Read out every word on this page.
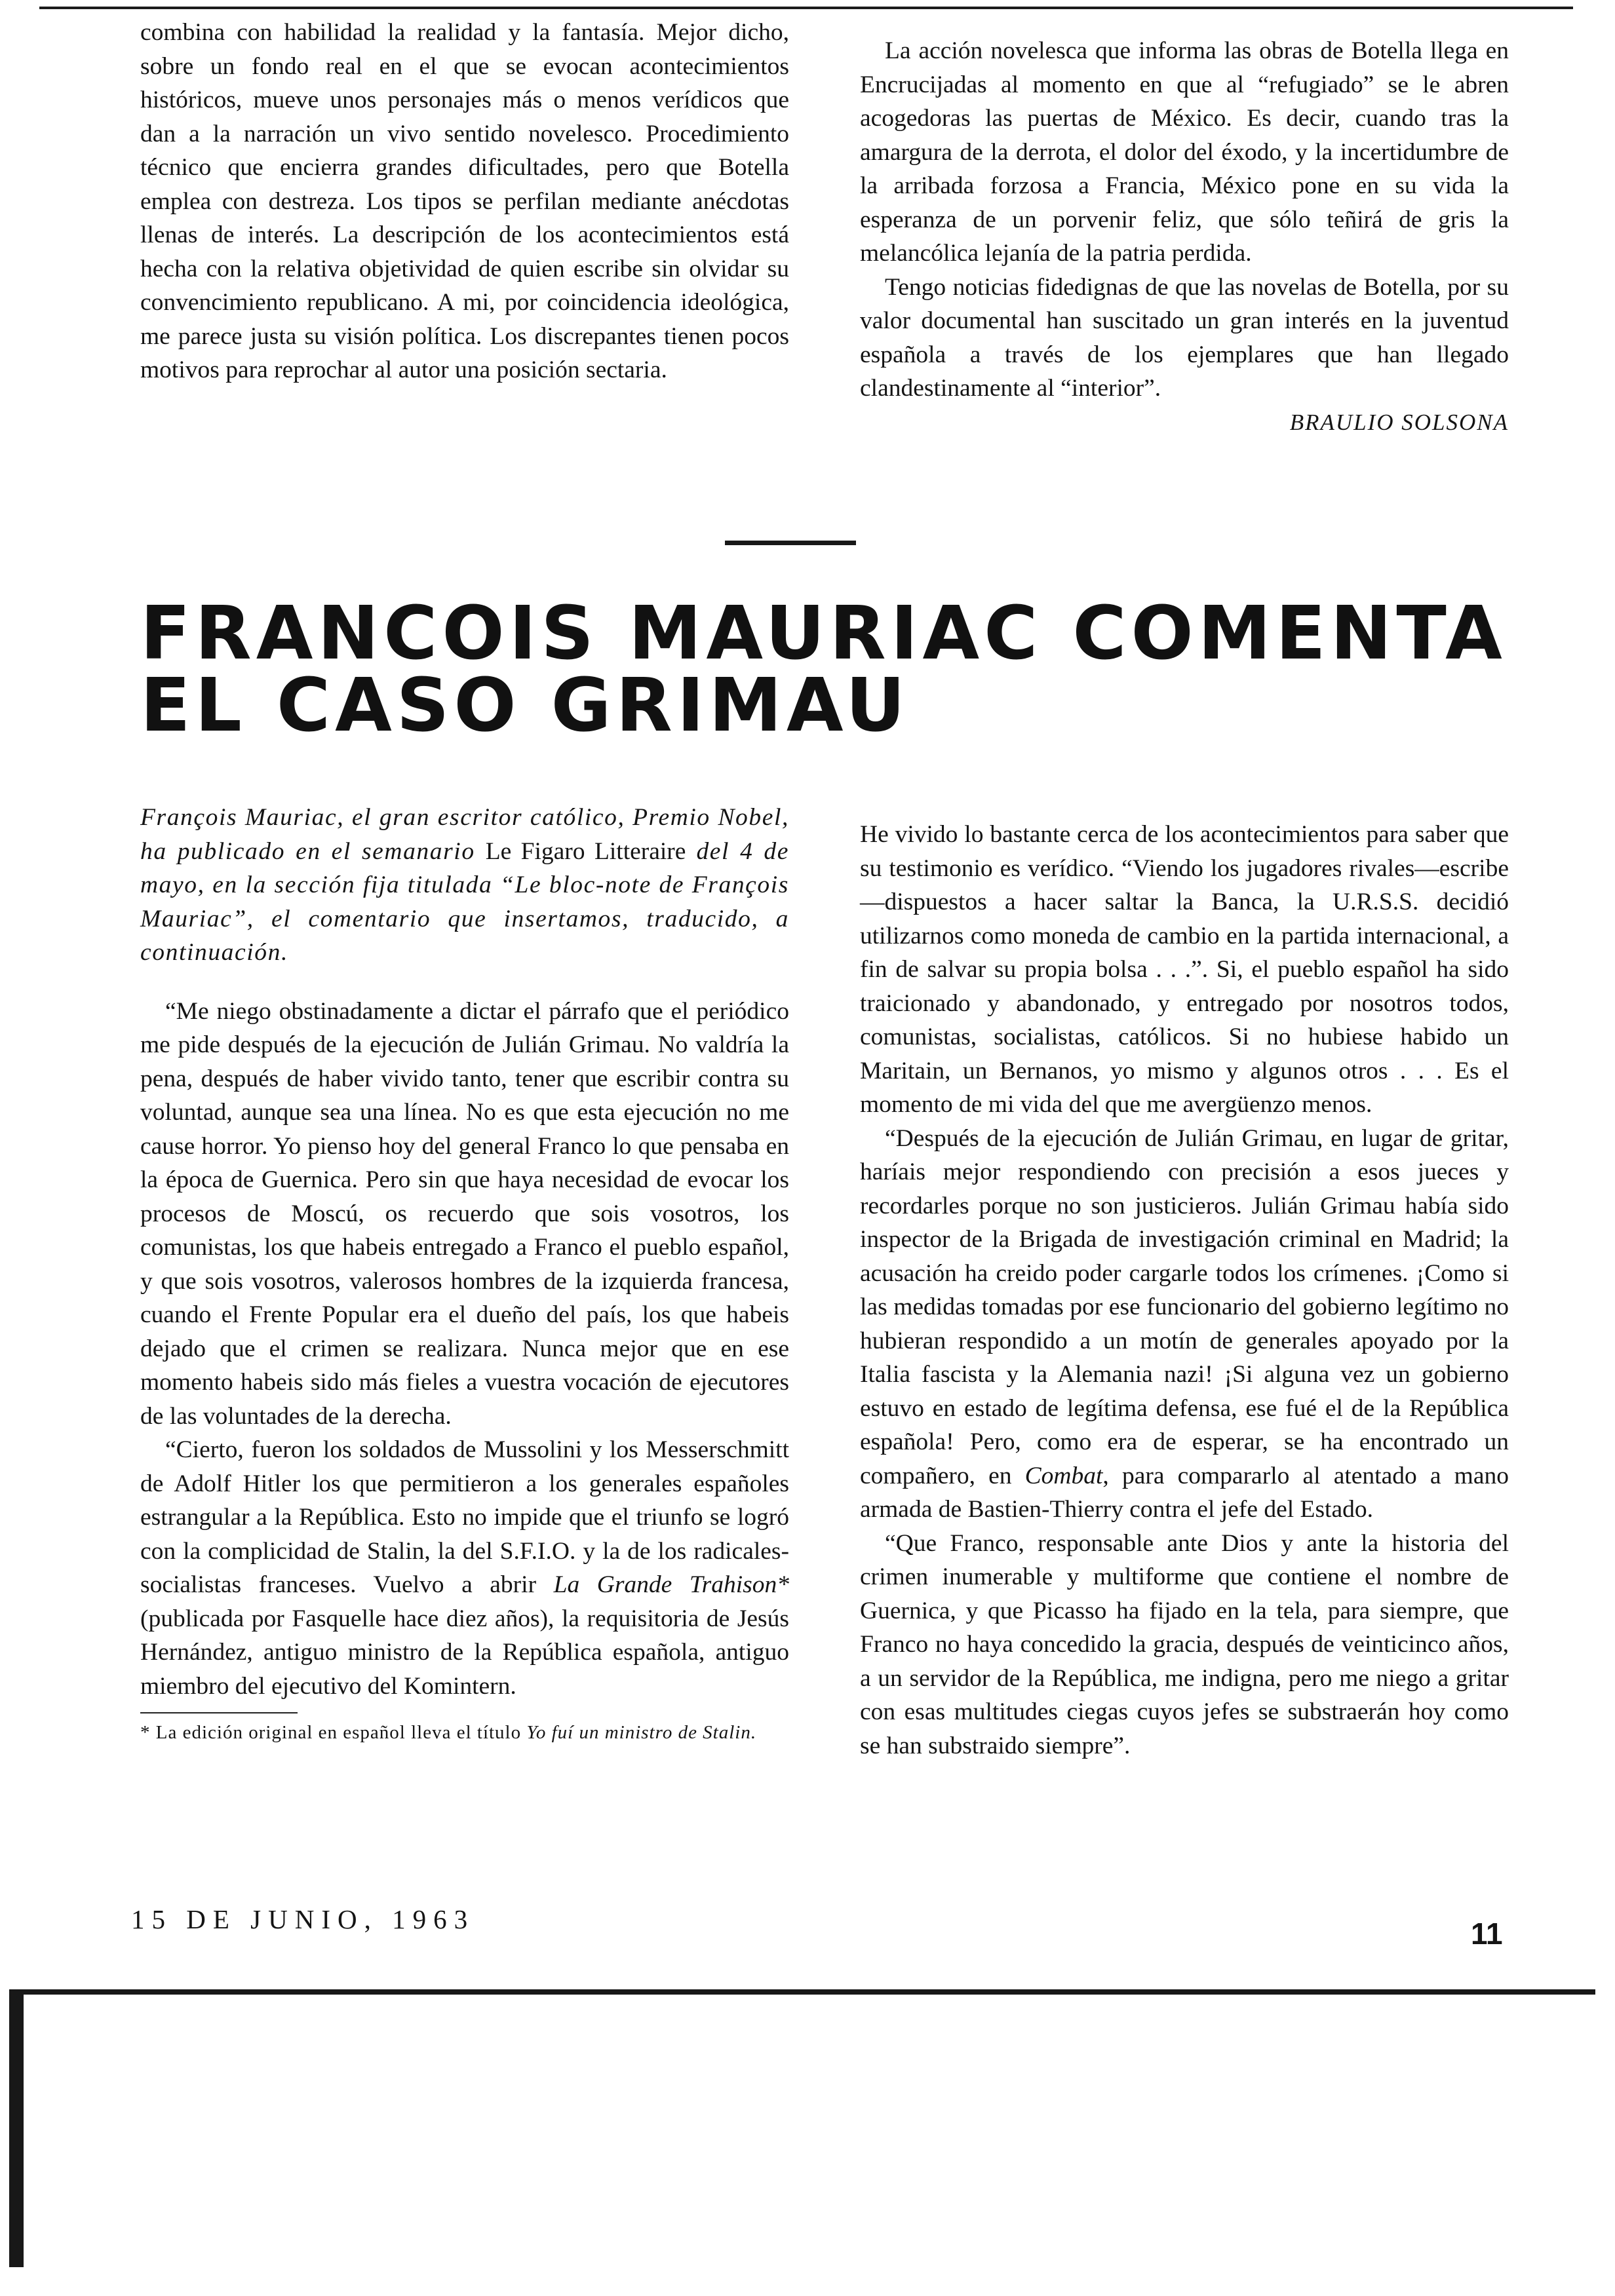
combina con habilidad la realidad y la fantasía. Mejor dicho, sobre un fondo real en el que se evocan acontecimientos históricos, mueve unos personajes más o menos verídicos que dan a la narración un vivo sentido novelesco. Procedimiento técnico que encierra grandes dificultades, pero que Botella emplea con destreza. Los tipos se perfilan mediante anécdotas llenas de interés. La descripción de los acontecimientos está hecha con la relativa objetividad de quien escribe sin olvidar su convencimiento republicano. A mi, por coincidencia ideológica, me parece justa su visión política. Los discrepantes tienen pocos motivos para reprochar al autor una posición sectaria.

La acción novelesca que informa las obras de Botella llega en Encrucijadas al momento en que al “refugiado” se le abren acogedoras las puertas de México. Es decir, cuando tras la amargura de la derrota, el dolor del éxodo, y la incertidumbre de la arribada forzosa a Francia, México pone en su vida la esperanza de un porvenir feliz, que sólo teñirá de gris la melancólica lejanía de la patria perdida.

Tengo noticias fidedignas de que las novelas de Botella, por su valor documental han suscitado un gran interés en la juventud española a través de los ejemplares que han llegado clandestinamente al “interior”.

BRAULIO SOLSONA
FRANCOIS MAURIAC COMENTA
EL CASO GRIMAU

François Mauriac, el gran escritor católico, Premio Nobel, ha publicado en el semanario Le Figaro Litteraire del 4 de mayo, en la sección fija titulada “Le bloc-note de François Mauriac”, el comentario que insertamos, traducido, a continuación.

“Me niego obstinadamente a dictar el párrafo que el periódico me pide después de la ejecución de Julián Grimau. No valdría la pena, después de haber vivido tanto, tener que escribir contra su voluntad, aunque sea una línea. No es que esta ejecución no me cause horror. Yo pienso hoy del general Franco lo que pensaba en la época de Guernica. Pero sin que haya necesidad de evocar los procesos de Moscú, os recuerdo que sois vosotros, los comunistas, los que habeis entregado a Franco el pueblo español, y que sois vosotros, valerosos hombres de la izquierda francesa, cuando el Frente Popular era el dueño del país, los que habeis dejado que el crimen se realizara. Nunca mejor que en ese momento habeis sido más fieles a vuestra vocación de ejecutores de las voluntades de la derecha.

“Cierto, fueron los soldados de Mussolini y los Messerschmitt de Adolf Hitler los que permitieron a los generales españoles estrangular a la República. Esto no impide que el triunfo se logró con la complicidad de Stalin, la del S.F.I.O. y la de los radicales-socialistas franceses. Vuelvo a abrir La Grande Trahison* (publicada por Fasquelle hace diez años), la requisitoria de Jesús Hernández, antiguo ministro de la República española, antiguo miembro del ejecutivo del Komintern.

* La edición original en español lleva el título Yo fuí un ministro de Stalin.

He vivido lo bastante cerca de los acontecimientos para saber que su testimonio es verídico. “Viendo los jugadores rivales—escribe—dispuestos a hacer saltar la Banca, la U.R.S.S. decidió utilizarnos como moneda de cambio en la partida internacional, a fin de salvar su propia bolsa . . .”. Si, el pueblo español ha sido traicionado y abandonado, y entregado por nosotros todos, comunistas, socialistas, católicos. Si no hubiese habido un Maritain, un Bernanos, yo mismo y algunos otros . . . Es el momento de mi vida del que me avergüenzo menos.

“Después de la ejecución de Julián Grimau, en lugar de gritar, haríais mejor respondiendo con precisión a esos jueces y recordarles porque no son justicieros. Julián Grimau había sido inspector de la Brigada de investigación criminal en Madrid; la acusación ha creido poder cargarle todos los crímenes. ¡Como si las medidas tomadas por ese funcionario del gobierno legítimo no hubieran respondido a un motín de generales apoyado por la Italia fascista y la Alemania nazi! ¡Si alguna vez un gobierno estuvo en estado de legítima defensa, ese fué el de la República española! Pero, como era de esperar, se ha encontrado un compañero, en Combat, para compararlo al atentado a mano armada de Bastien-Thierry contra el jefe del Estado.

“Que Franco, responsable ante Dios y ante la historia del crimen inumerable y multiforme que contiene el nombre de Guernica, y que Picasso ha fijado en la tela, para siempre, que Franco no haya concedido la gracia, después de veinticinco años, a un servidor de la República, me indigna, pero me niego a gritar con esas multitudes ciegas cuyos jefes se substraerán hoy como se han substraido siempre”.

15 DE JUNIO, 1963	11
